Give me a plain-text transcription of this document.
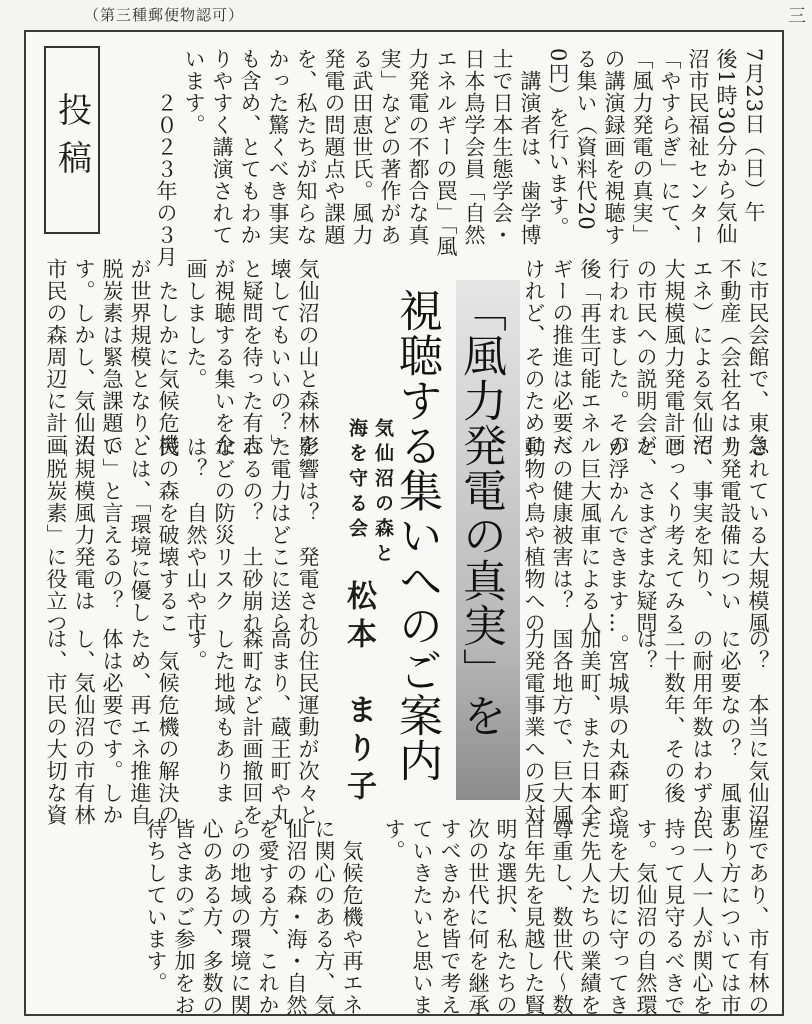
（第三種郵便物認可）	三
7月23日（日）午
後1時30分から気仙
沼市民福祉センター
「やすらぎ」にて、
「風力発電の真実」
の講演録画を視聴す
る集い（資料代20
0円）を行います。
　講演者は、歯学博
士で日本生態学会・
日本鳥学会員「自然
エネルギーの罠」「風
力発電の不都合な真
実」などの著作があ
る武田恵世氏。風力
発電の問題点や課題
を、私たちが知らな
かった驚くべき事実
も含め、とてもわか
りやすく講演されて
います。
　　２０２３年の３月
投稿
に市民会館で、東急
不動産（会社名はリ
エネ）による気仙沼
大規模風力発電計画
の市民への説明会が
行われました。その
後「再生可能エネル
ギーの推進は必要だ
けれど、そのために
気仙沼の山と森林を
壊してもいいの？」
と疑問を待った有志
が視聴する集いを企
画しました。
　たしかに気候危機
が世界規模となり、
脱炭素は緊急課題で
す。しかし、気仙沼
市民の森周辺に計画
影響は？　発電され
た電力はどこに送ら
れるの？　土砂崩れ
などの防災リスク
は？　自然や山や市
民の森を破壊するこ
とは、「環境に優し
い」と言えるの？
大規模風力発電は
「脱炭素」に役立つ	「風力発電の真実」を
視聴する集いへのご案内
気仙沼の森と
海を守る会
松本　まり子
されている大規模風
力発電設備につい
て、事実を知り、
じっくり考えてみる
と、さまざまな疑問
が浮かんできます…。
　巨大風車による人
への健康被害は？
動物や鳥や植物への
の？　本当に気仙沼
に必要なの？　風車
の耐用年数はわずか
二十数年、その後
は？
　宮城県の丸森町や
加美町、また日本全
国各地方で、巨大風
力発電事業への反対
の住民運動が次々と
高まり、蔵王町や丸
森町など計画撤回を
した地域もありま
す。
　気候危機の解決の
ため、再エネ推進自
体は必要です。しか
し、気仙沼の市有林
は、市民の大切な資
産であり、市有林の
あり方については市
民一人一人が関心を
持って見守るべきで
す。気仙沼の自然環
境を大切に守ってき
た先人たちの業績を
尊重し、数世代～数
百年先を見越した賢
明な選択、私たちの
次の世代に何を継承
すべきかを皆で考え
ていきたいと思いま
す。
　気候危機や再エネ
に関心のある方、気
仙沼の森・海・自然
を愛する方、これか
らの地域の環境に関
心のある方、多数の
皆さまのご参加をお
待ちしています。
